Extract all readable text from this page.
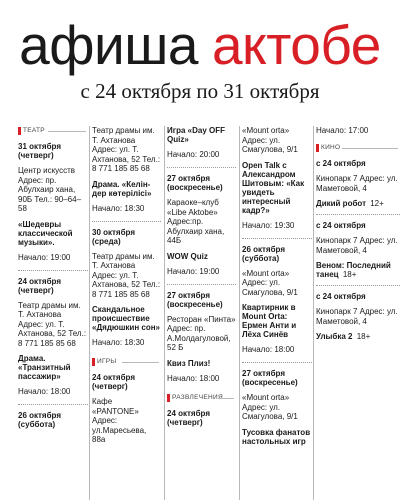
афиша актобе
с 24 октября по 31 октября
ТЕАТР
31 октября (четверг)
Центр искусств Адрес: пр. Абулхаир хана, 90Б Тел.: 90–64–58
«Шедевры классической музыки».
Начало: 19:00
24 октября (четверг)
Театр драмы им. Т. Ахтанова Адрес: ул. Т. Ахтанова, 52 Тел.: 8 771 185 85 68
Драма. «Транзитный пассажир»
Начало: 18:00
26 октября (суббота)
Театр драмы им. Т. Ахтанова Адрес: ул. Т. Ахтанова, 52 Тел.: 8 771 185 85 68
Драма. «Келін-дер көтерілісі»
Начало: 18:30
30 октября (среда)
Театр драмы им. Т. Ахтанова Адрес: ул. Т. Ахтанова, 52 Тел.: 8 771 185 85 68
Скандальное происшествие «Дядюшкин сон»
Начало: 18:30
ИГРЫ
24 октября (четверг)
Кафе «PANTONE» Адрес: ул.Маресьева, 88а
Игра «Day OFF Quiz»
Начало: 20:00
27 октября (воскресенье)
Караоке–клуб «Libe Aktobe» Адрес:пр. Абулхаир хана, 44Б
WOW Quiz
Начало: 19:00
27 октября (воскресенье)
Ресторан «Пинта» Адрес: пр. А.Молдагуловой, 52 Б
Квиз Плиз!
Начало: 18:00
РАЗВЛЕЧЕНИЯ
24 октября (четверг)
«Mount orta» Адрес: ул. Смагулова, 9/1
Open Talk с Александром Шитовым: «Как увидеть интересный кадр?»
Начало: 19:30
26 октября (суббота)
«Mount orta» Адрес: ул. Смагулова, 9/1
Квартирник в Mount Orta: Ермен Анти и Лёха Синёв
Начало: 18:00
27 октября (воскресенье)
«Mount orta» Адрес: ул. Смагулова, 9/1
Тусовка фанатов настольных игр
Начало: 17:00
КИНО
с 24 октября
Кинопарк 7 Адрес: ул. Маметовой, 4
Дикий робот 12+
с 24 октября
Кинопарк 7 Адрес: ул. Маметовой, 4
Веном: Последний танец 18+
с 24 октября
Кинопарк 7 Адрес: ул. Маметовой, 4
Улыбка 2 18+
